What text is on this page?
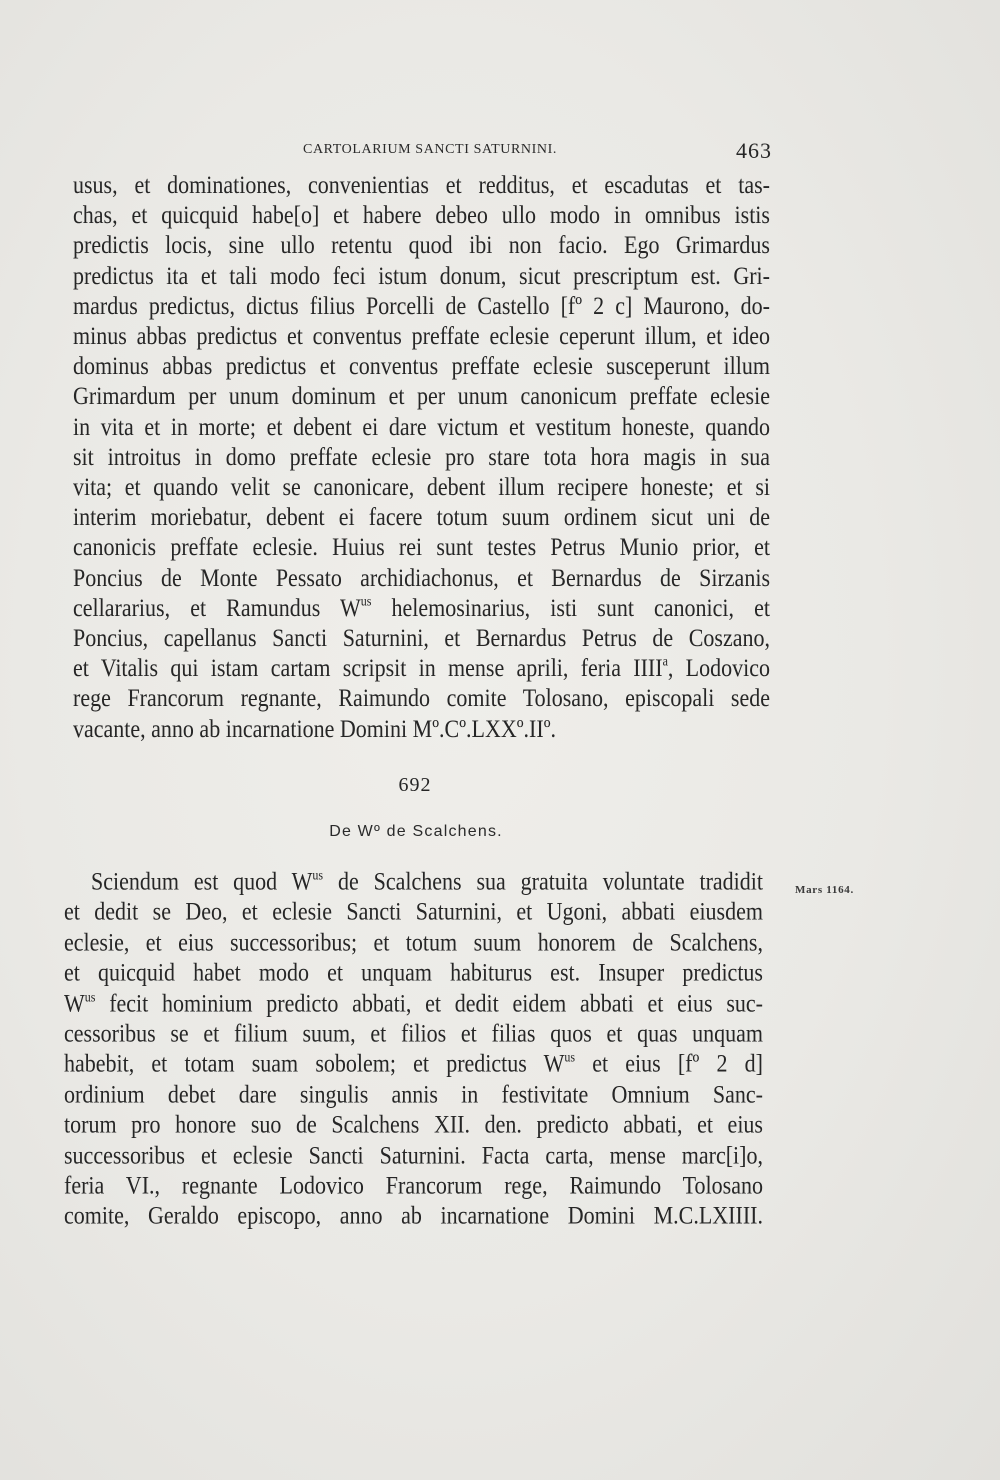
CARTOLARIUM SANCTI SATURNINI.	463
usus, et dominationes, convenientias et redditus, et escadutas et tas-
chas, et quicquid habe[o] et habere debeo ullo modo in omnibus istis
predictis locis, sine ullo retentu quod ibi non facio. Ego Grimardus
predictus ita et tali modo feci istum donum, sicut prescriptum est. Gri-
mardus predictus, dictus filius Porcelli de Castello [fº 2 c] Maurono, do-
minus abbas predictus et conventus preffate eclesie ceperunt illum, et ideo
dominus abbas predictus et conventus preffate eclesie susceperunt illum
Grimardum per unum dominum et per unum canonicum preffate eclesie
in vita et in morte; et debent ei dare victum et vestitum honeste, quando
sit introitus in domo preffate eclesie pro stare tota hora magis in sua
vita; et quando velit se canonicare, debent illum recipere honeste; et si
interim moriebatur, debent ei facere totum suum ordinem sicut uni de
canonicis preffate eclesie. Huius rei sunt testes Petrus Munio prior, et
Poncius de Monte Pessato archidiachonus, et Bernardus de Sirzanis
cellararius, et Ramundus $W^{us}$ helemosinarius, isti sunt canonici, et
Poncius, capellanus Sancti Saturnini, et Bernardus Petrus de Coszano,
et Vitalis qui istam cartam scripsit in mense aprili, feria IIII$^a$, Lodovico
rege Francorum regnante, Raimundo comite Tolosano, episcopali sede
vacante, anno ab incarnatione Domini Mº.Cº.LXXº.IIº.
692
De Wº de Scalchens.
Mars 1164.
Sciendum est quod $W^{us}$ de Scalchens sua gratuita voluntate tradidit
et dedit se Deo, et eclesie Sancti Saturnini, et Ugoni, abbati eiusdem
eclesie, et eius successoribus; et totum suum honorem de Scalchens,
et quicquid habet modo et unquam habiturus est. Insuper predictus
$W^{us}$ fecit hominium predicto abbati, et dedit eidem abbati et eius suc-
cessoribus se et filium suum, et filios et filias quos et quas unquam
habebit, et totam suam sobolem; et predictus $W^{us}$ et eius [fº 2 d]
ordinium debet dare singulis annis in festivitate Omnium Sanc-
torum pro honore suo de Scalchens XII. den. predicto abbati, et eius
successoribus et eclesie Sancti Saturnini. Facta carta, mense marc[i]o,
feria VI., regnante Lodovico Francorum rege, Raimundo Tolosano
comite, Geraldo episcopo, anno ab incarnatione Domini M.C.LXIIII.
